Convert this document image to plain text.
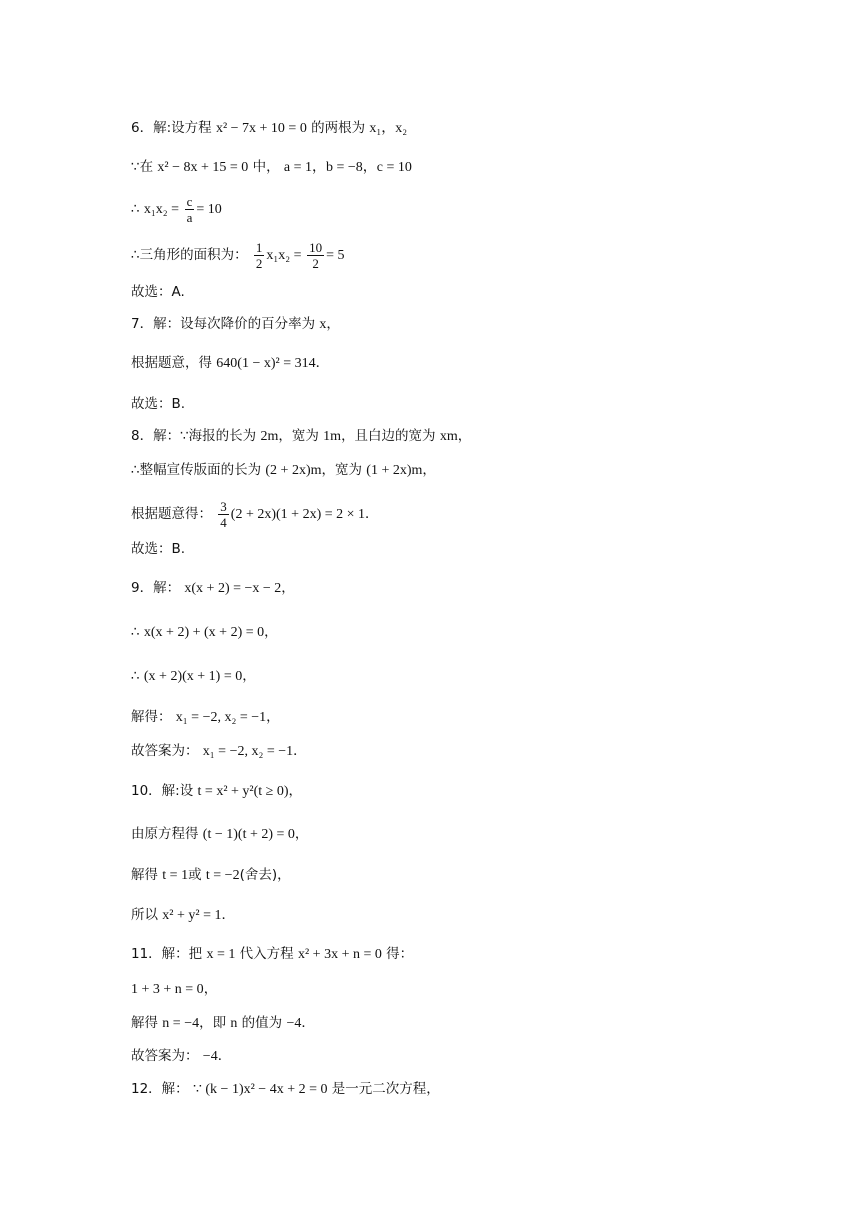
6．解:设方程 x² − 7x + 10 = 0 的两根为 x₁，x₂
∵在 x² − 8x + 15 = 0 中， a = 1，b = −8，c = 10
∴ $x_1x_2 = \frac{c}{a} = 10$
∴三角形的面积为： $\frac{1}{2} x_1x_2 = \frac{10}{2} = 5$
故选：A.
7．解：设每次降价的百分率为 x，
根据题意，得 640(1 − x)² = 314．
故选：B.
8．解：∵海报的长为 2m，宽为 1m，且白边的宽为 xm，
∴整幅宣传版面的长为 (2 + 2x)m，宽为 (1 + 2x)m，
根据题意得： $\frac{3}{4} (2 + 2x)(1 + 2x) = 2 \times 1$．
故选：B.
9．解： x(x + 2) = −x − 2，
∴ x(x + 2) + (x + 2) = 0，
∴ (x + 2)(x + 1) = 0，
解得： x₁ = −2, x₂ = −1，
故答案为： x₁ = −2, x₂ = −1．
10．解:设 t = x² + y²(t ≥ 0)，
由原方程得 (t − 1)(t + 2) = 0，
解得 t = 1或 t = −2(舍去)，
所以 x² + y² = 1．
11．解：把 x = 1 代入方程 x² + 3x + n = 0 得：
1 + 3 + n = 0，
解得 n = −4，即 n 的值为 −4．
故答案为： −4．
12．解： ∵ (k − 1)x² − 4x + 2 = 0 是一元二次方程，
